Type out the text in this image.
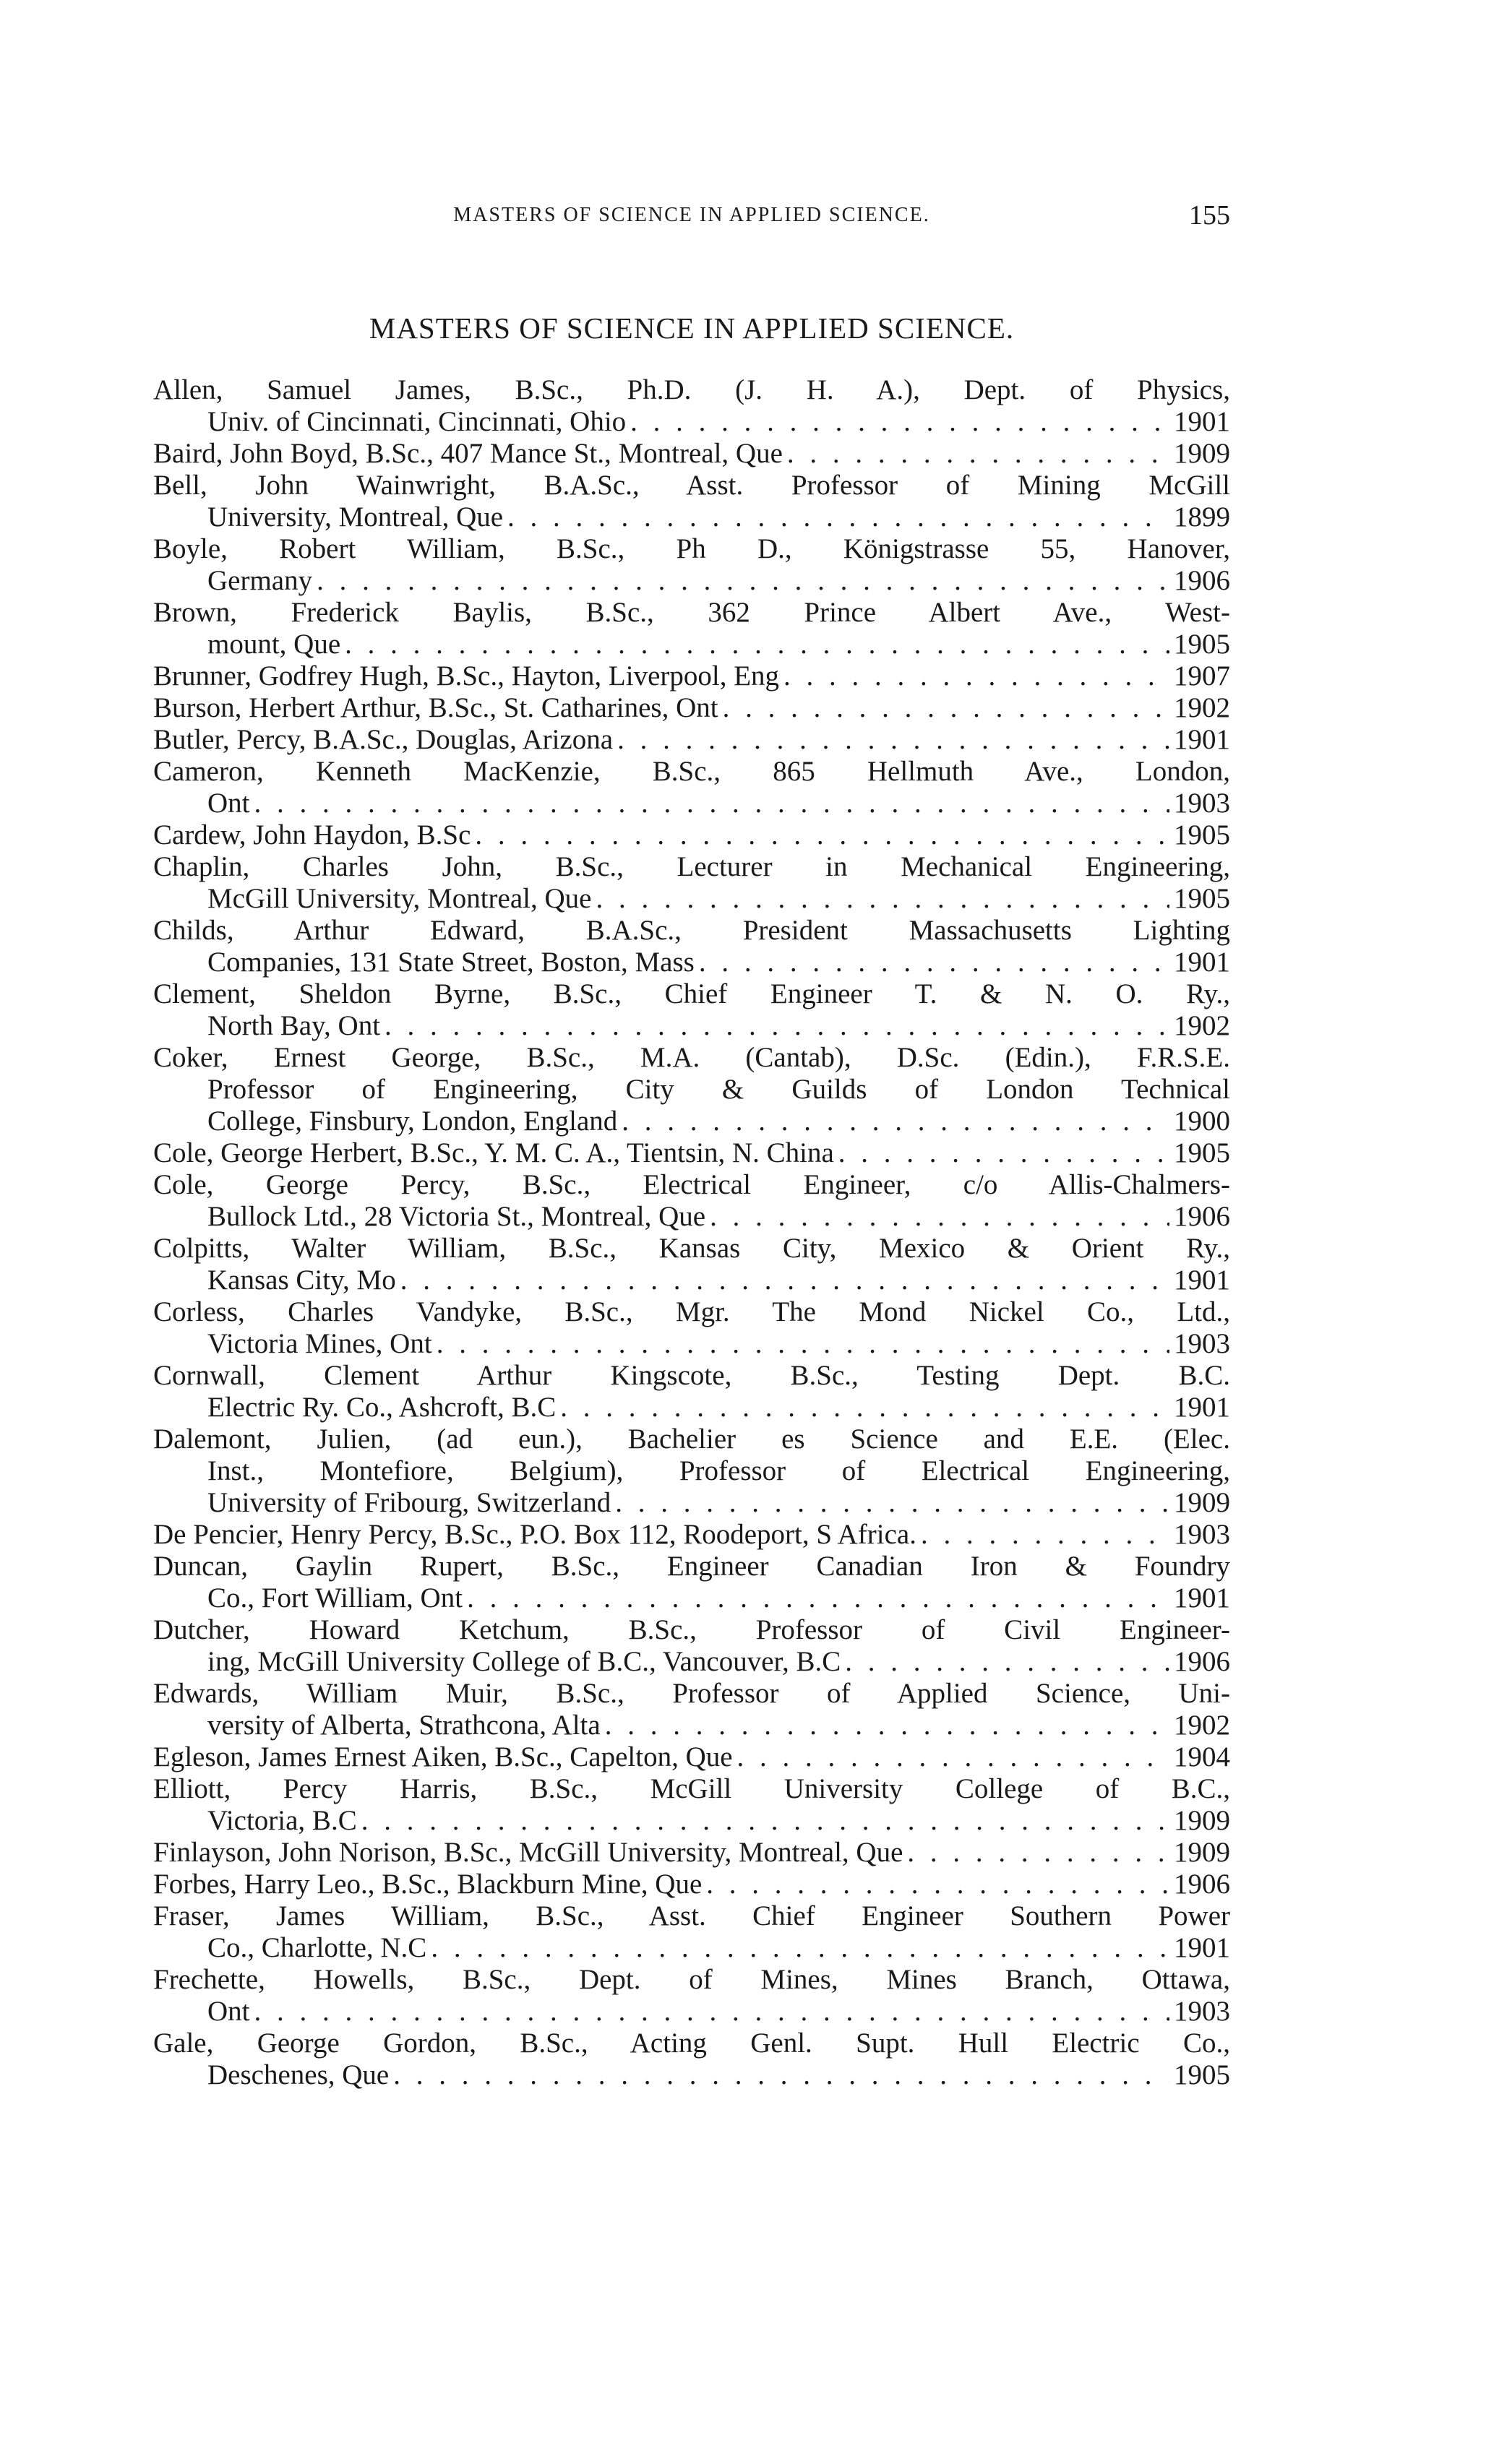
MASTERS OF SCIENCE IN APPLIED SCIENCE.	155
MASTERS OF SCIENCE IN APPLIED SCIENCE.
Allen, Samuel James, B.Sc., Ph.D. (J. H. A.), Dept. of Physics,
Univ. of Cincinnati, Cincinnati, Ohio . . .	1901
Baird, John Boyd, B.Sc., 407 Mance St., Montreal, Que . . .	1909
Bell, John Wainwright, B.A.Sc., Asst. Professor of Mining McGill
University, Montreal, Que . . .	1899
Boyle, Robert William, B.Sc., Ph D., Königstrasse 55, Hanover,
Germany . . .	1906
Brown, Frederick Baylis, B.Sc., 362 Prince Albert Ave., West-
mount, Que . . .	1905
Brunner, Godfrey Hugh, B.Sc., Hayton, Liverpool, Eng . . .	1907
Burson, Herbert Arthur, B.Sc., St. Catharines, Ont . . .	1902
Butler, Percy, B.A.Sc., Douglas, Arizona . . .	1901
Cameron, Kenneth MacKenzie, B.Sc., 865 Hellmuth Ave., London,
Ont . . .	1903
Cardew, John Haydon, B.Sc . . .	1905
Chaplin, Charles John, B.Sc., Lecturer in Mechanical Engineering,
McGill University, Montreal, Que . . .	1905
Childs, Arthur Edward, B.A.Sc., President Massachusetts Lighting
Companies, 131 State Street, Boston, Mass . . .	1901
Clement, Sheldon Byrne, B.Sc., Chief Engineer T. & N. O. Ry.,
North Bay, Ont . . .	1902
Coker, Ernest George, B.Sc., M.A. (Cantab), D.Sc. (Edin.), F.R.S.E.
Professor of Engineering, City & Guilds of London Technical
College, Finsbury, London, England . . .	1900
Cole, George Herbert, B.Sc., Y. M. C. A., Tientsin, N. China . . .	1905
Cole, George Percy, B.Sc., Electrical Engineer, c/o Allis-Chalmers-
Bullock Ltd., 28 Victoria St., Montreal, Que . . .	1906
Colpitts, Walter William, B.Sc., Kansas City, Mexico & Orient Ry.,
Kansas City, Mo . . .	1901
Corless, Charles Vandyke, B.Sc., Mgr. The Mond Nickel Co., Ltd.,
Victoria Mines, Ont . . .	1903
Cornwall, Clement Arthur Kingscote, B.Sc., Testing Dept. B.C.
Electric Ry. Co., Ashcroft, B.C . . .	1901
Dalemont, Julien, (ad eun.), Bachelier es Science and E.E. (Elec.
Inst., Montefiore, Belgium), Professor of Electrical Engineering,
University of Fribourg, Switzerland . . .	1909
De Pencier, Henry Percy, B.Sc., P.O. Box 112, Roodeport, S Africa. . . .	1903
Duncan, Gaylin Rupert, B.Sc., Engineer Canadian Iron & Foundry
Co., Fort William, Ont . . .	1901
Dutcher, Howard Ketchum, B.Sc., Professor of Civil Engineer-
ing, McGill University College of B.C., Vancouver, B.C . . .	1906
Edwards, William Muir, B.Sc., Professor of Applied Science, Uni-
versity of Alberta, Strathcona, Alta . . .	1902
Egleson, James Ernest Aiken, B.Sc., Capelton, Que . . .	1904
Elliott, Percy Harris, B.Sc., McGill University College of B.C.,
Victoria, B.C . . .	1909
Finlayson, John Norison, B.Sc., McGill University, Montreal, Que . . .	1909
Forbes, Harry Leo., B.Sc., Blackburn Mine, Que . . .	1906
Fraser, James William, B.Sc., Asst. Chief Engineer Southern Power
Co., Charlotte, N.C . . .	1901
Frechette, Howells, B.Sc., Dept. of Mines, Mines Branch, Ottawa,
Ont . . .	1903
Gale, George Gordon, B.Sc., Acting Genl. Supt. Hull Electric Co.,
Deschenes, Que . . .	1905
